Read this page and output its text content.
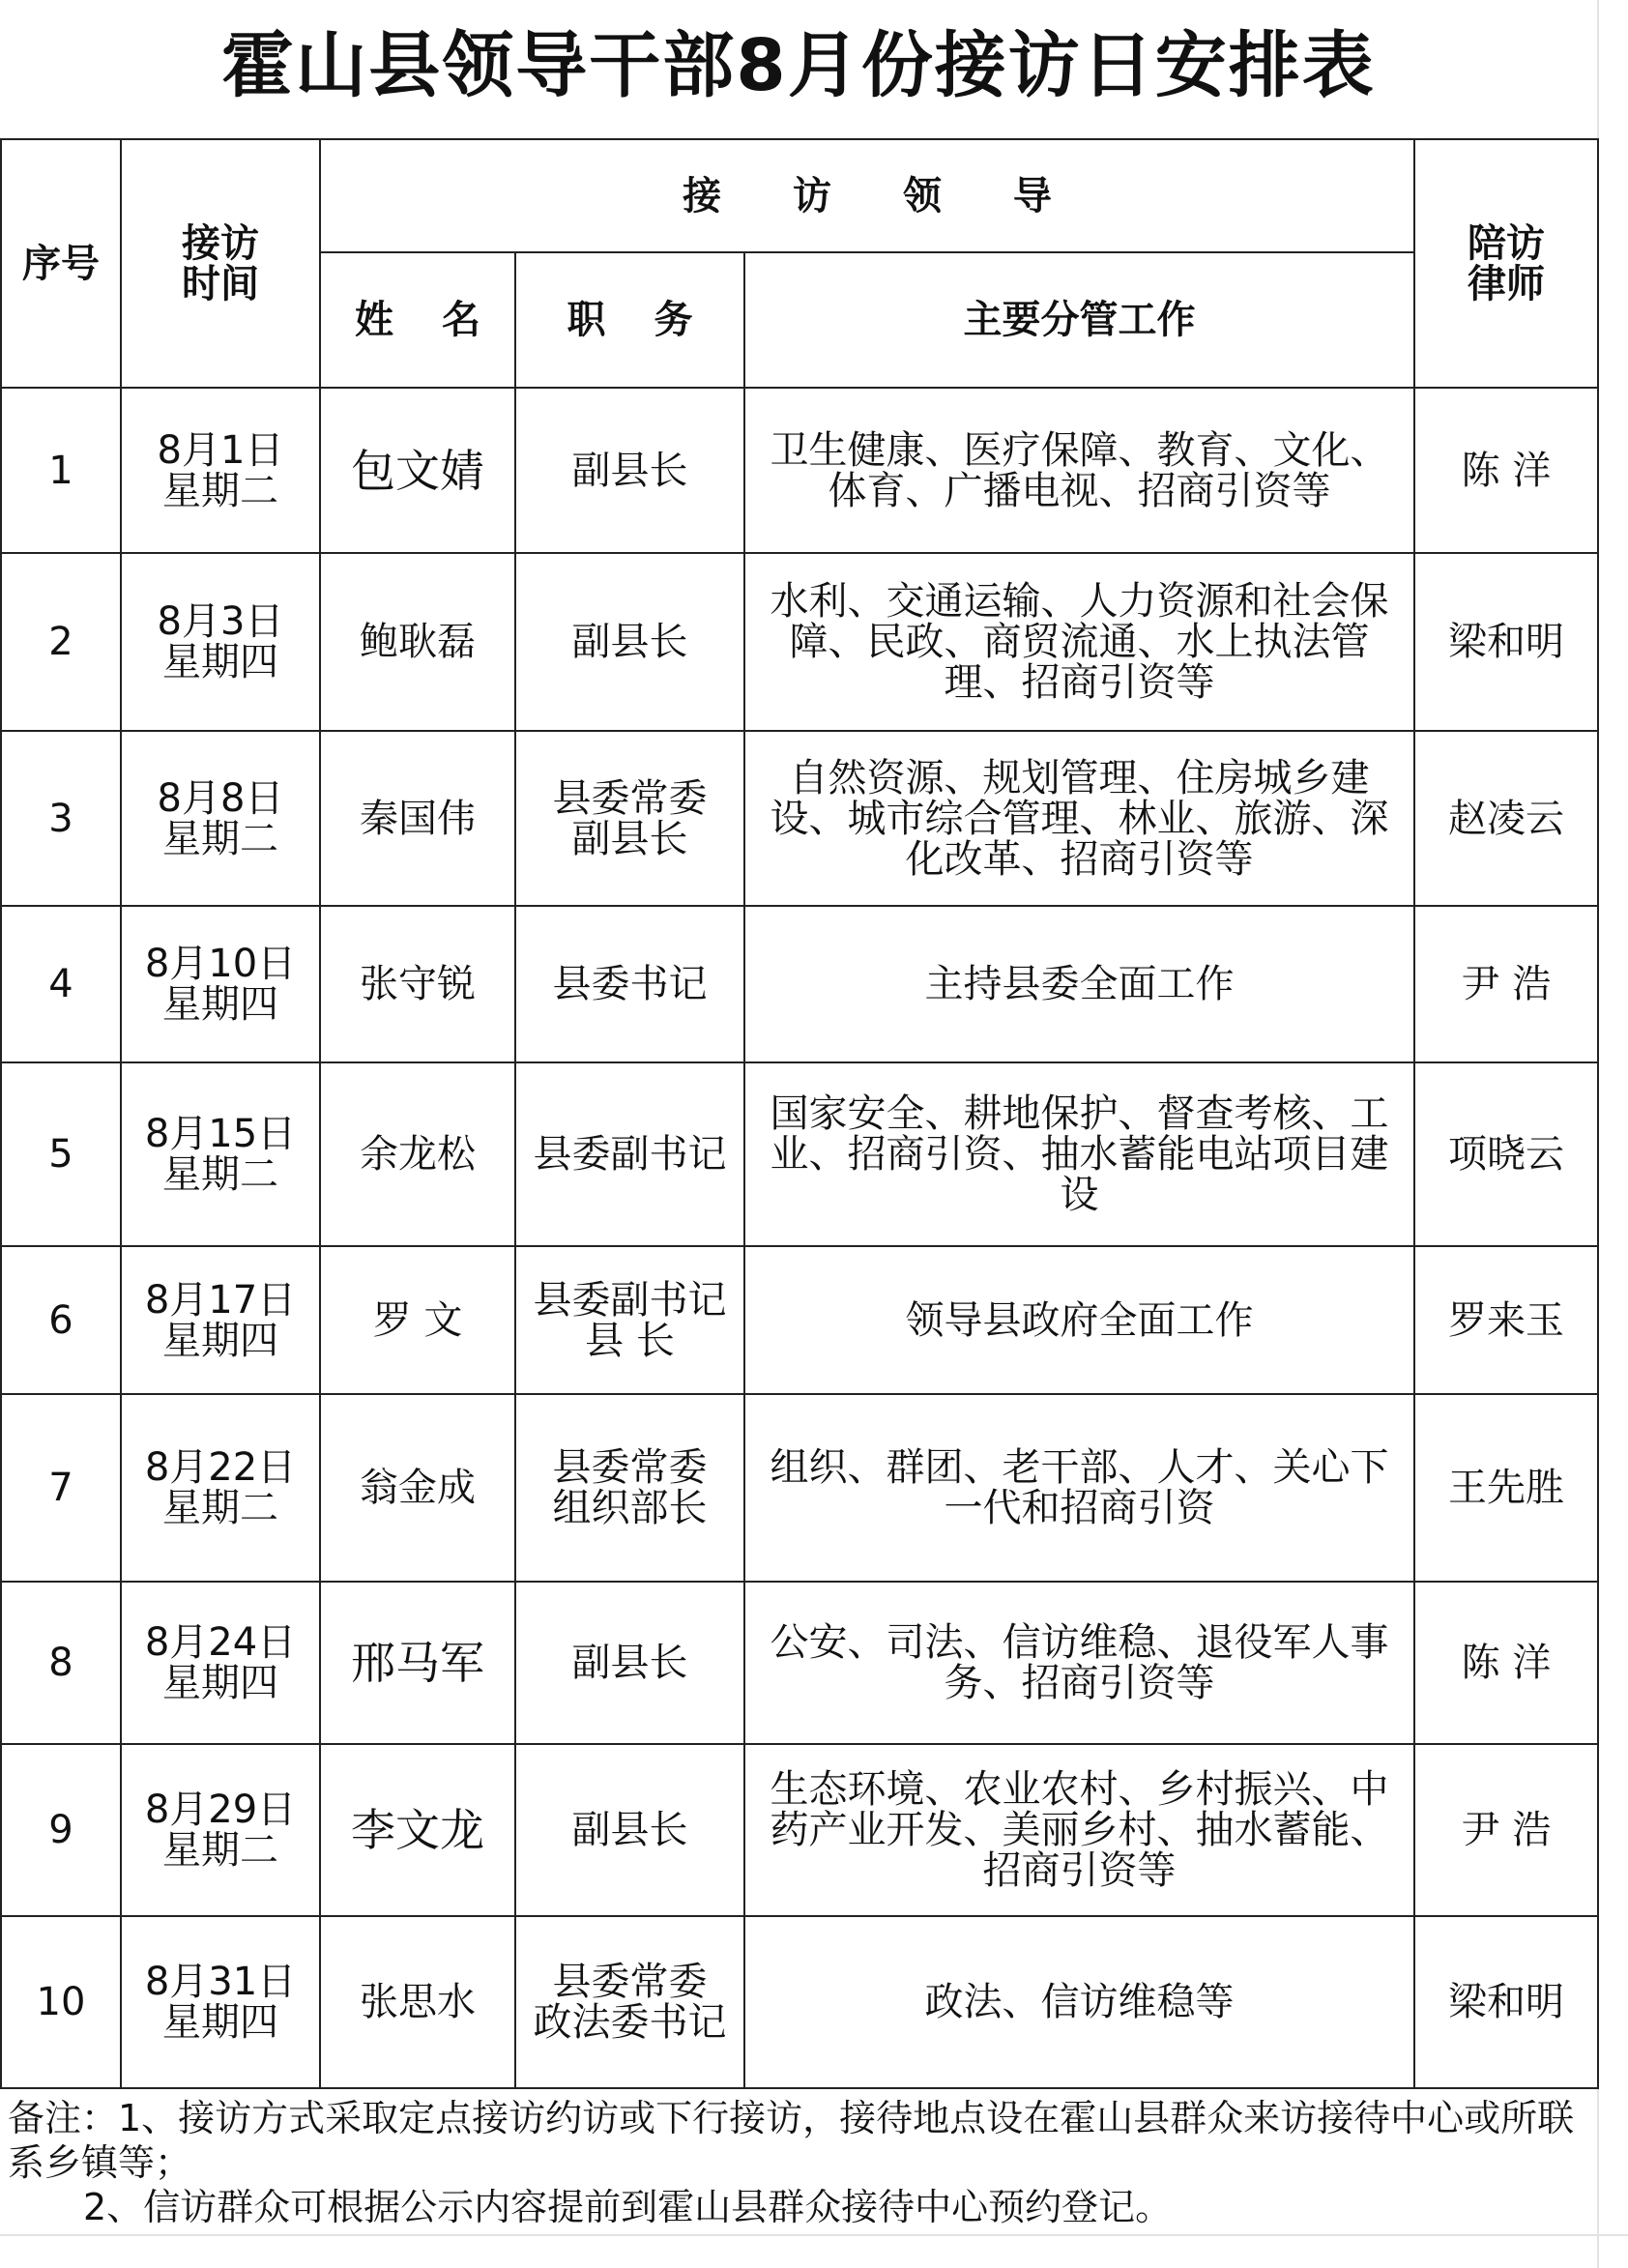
霍山县领导干部8月份接访日安排表
序号	接访
时间	接 访 领 导			陪访
律师
		姓 名	职 务	主要分管工作	
1	8月1日
星期二	包文婧	副县长	卫生健康、医疗保障、教育、文化、体育、广播电视、招商引资等	陈 洋
2	8月3日
星期四	鲍耿磊	副县长	水利、交通运输、人力资源和社会保障、民政、商贸流通、水上执法管理、招商引资等	梁和明
3	8月8日
星期二	秦国伟	县委常委
副县长	自然资源、规划管理、住房城乡建设、城市综合管理、林业、旅游、深化改革、招商引资等	赵凌云
4	8月10日
星期四	张守锐	县委书记	主持县委全面工作	尹 浩
5	8月15日
星期二	余龙松	县委副书记	国家安全、耕地保护、督查考核、工业、招商引资、抽水蓄能电站项目建设	项晓云
6	8月17日
星期四	罗 文	县委副书记
县 长	领导县政府全面工作	罗来玉
7	8月22日
星期二	翁金成	县委常委
组织部长	组织、群团、老干部、人才、关心下一代和招商引资	王先胜
8	8月24日
星期四	邢马军	副县长	公安、司法、信访维稳、退役军人事务、招商引资等	陈 洋
9	8月29日
星期二	李文龙	副县长	生态环境、农业农村、乡村振兴、中药产业开发、美丽乡村、抽水蓄能、招商引资等	尹 浩
10	8月31日
星期四	张思水	县委常委
政法委书记	政法、信访维稳等	梁和明
备注：1、接访方式采取定点接访约访或下行接访，接待地点设在霍山县群众来访接待中心或所联系乡镇等；
2、信访群众可根据公示内容提前到霍山县群众接待中心预约登记。
